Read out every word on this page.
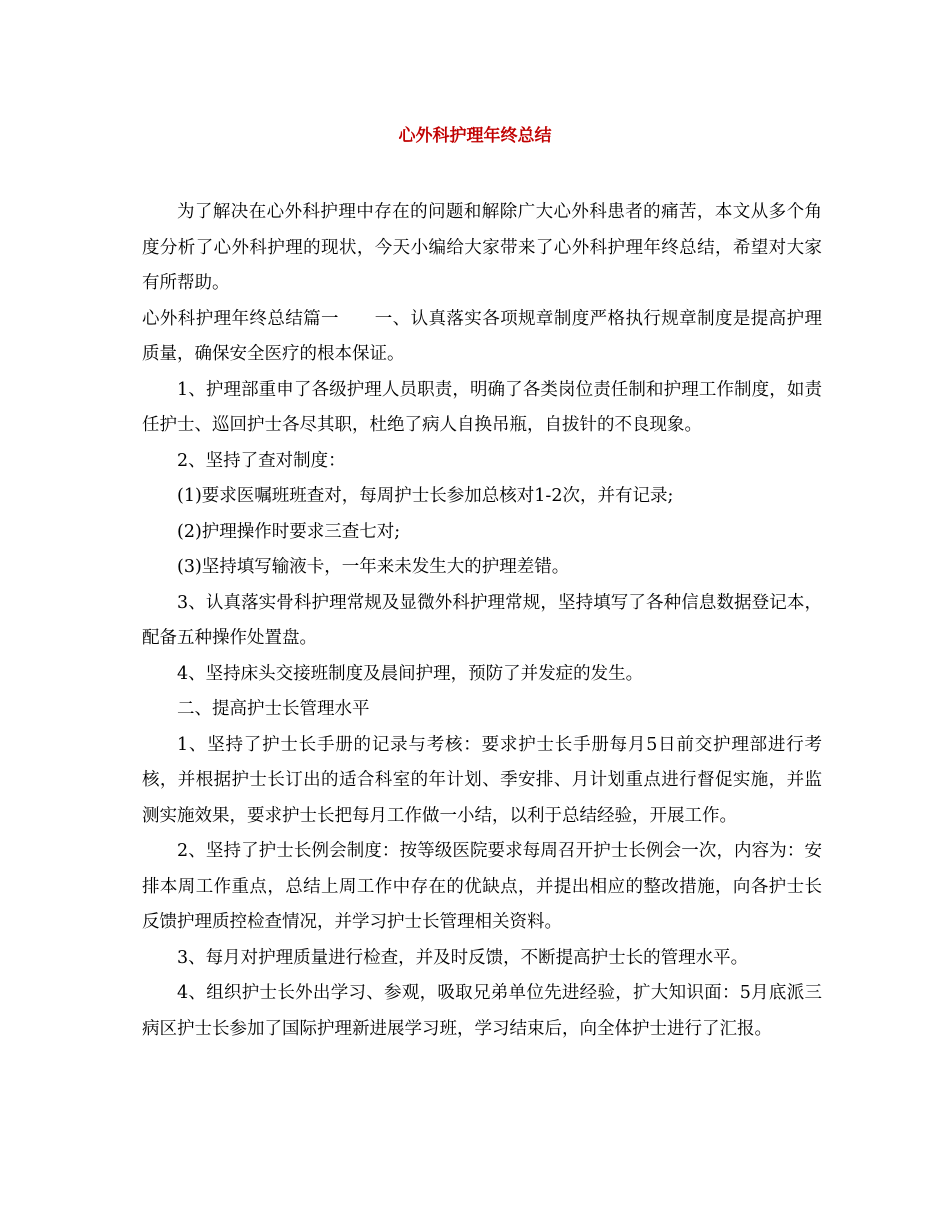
心外科护理年终总结

为了解决在心外科护理中存在的问题和解除广大心外科患者的痛苦，本文从多个角度分析了心外科护理的现状，今天小编给大家带来了心外科护理年终总结，希望对大家有所帮助。

心外科护理年终总结篇一　　一、认真落实各项规章制度严格执行规章制度是提高护理质量，确保安全医疗的根本保证。

1、护理部重申了各级护理人员职责，明确了各类岗位责任制和护理工作制度，如责任护士、巡回护士各尽其职，杜绝了病人自换吊瓶，自拔针的不良现象。

2、坚持了查对制度：

(1)要求医嘱班班查对，每周护士长参加总核对1-2次，并有记录;

(2)护理操作时要求三查七对;

(3)坚持填写输液卡，一年来未发生大的护理差错。

3、认真落实骨科护理常规及显微外科护理常规，坚持填写了各种信息数据登记本，配备五种操作处置盘。

4、坚持床头交接班制度及晨间护理，预防了并发症的发生。

二、提高护士长管理水平

1、坚持了护士长手册的记录与考核：要求护士长手册每月5日前交护理部进行考核，并根据护士长订出的适合科室的年计划、季安排、月计划重点进行督促实施，并监测实施效果，要求护士长把每月工作做一小结，以利于总结经验，开展工作。

2、坚持了护士长例会制度：按等级医院要求每周召开护士长例会一次，内容为：安排本周工作重点，总结上周工作中存在的优缺点，并提出相应的整改措施，向各护士长反馈护理质控检查情况，并学习护士长管理相关资料。

3、每月对护理质量进行检查，并及时反馈，不断提高护士长的管理水平。

4、组织护士长外出学习、参观，吸取兄弟单位先进经验，扩大知识面：5月底派三病区护士长参加了国际护理新进展学习班，学习结束后，向全体护士进行了汇报。
